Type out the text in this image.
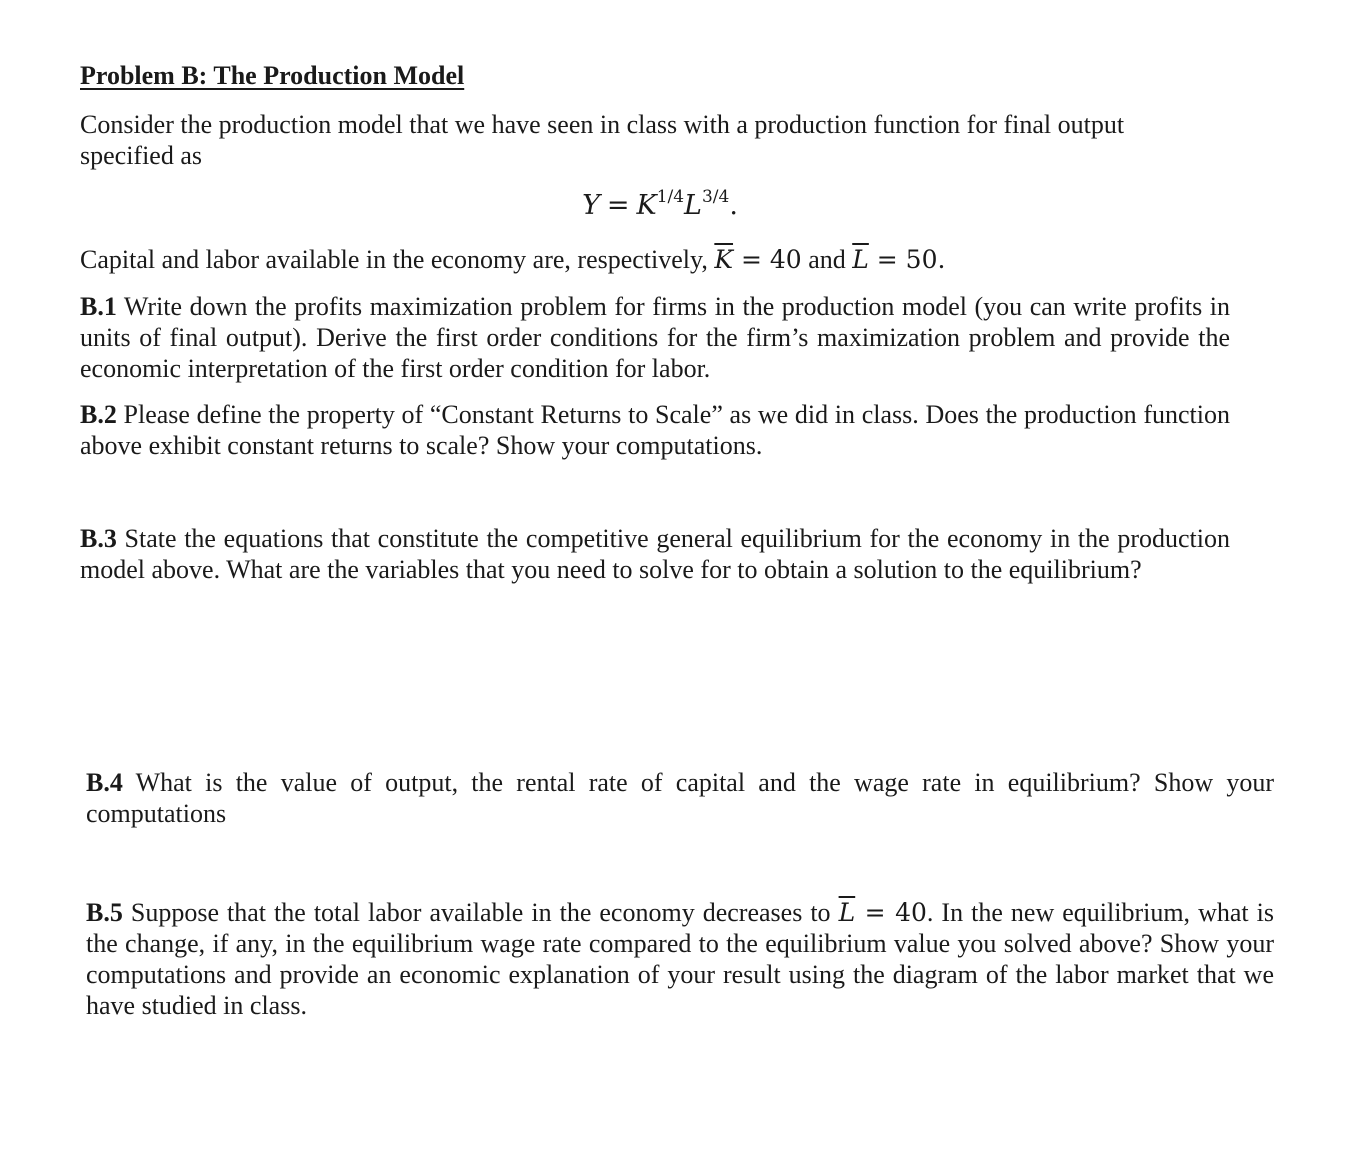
Problem B: The Production Model

Consider the production model that we have seen in class with a production function for final output specified as

$Y = K^{1/4}L^{3/4}$.

Capital and labor available in the economy are, respectively, $\overline{K} = 40$ and $\overline{L} = 50$.

B.1 Write down the profits maximization problem for firms in the production model (you can write profits in units of final output). Derive the first order conditions for the firm’s maximization problem and provide the economic interpretation of the first order condition for labor.

B.2 Please define the property of “Constant Returns to Scale” as we did in class. Does the production function above exhibit constant returns to scale? Show your computations.

B.3 State the equations that constitute the competitive general equilibrium for the economy in the production model above. What are the variables that you need to solve for to obtain a solution to the equilibrium?

B.4 What is the value of output, the rental rate of capital and the wage rate in equilibrium? Show your computations

B.5 Suppose that the total labor available in the economy decreases to $\overline{L} = 40$. In the new equilibrium, what is the change, if any, in the equilibrium wage rate compared to the equilibrium value you solved above? Show your computations and provide an economic explanation of your result using the diagram of the labor market that we have studied in class.
